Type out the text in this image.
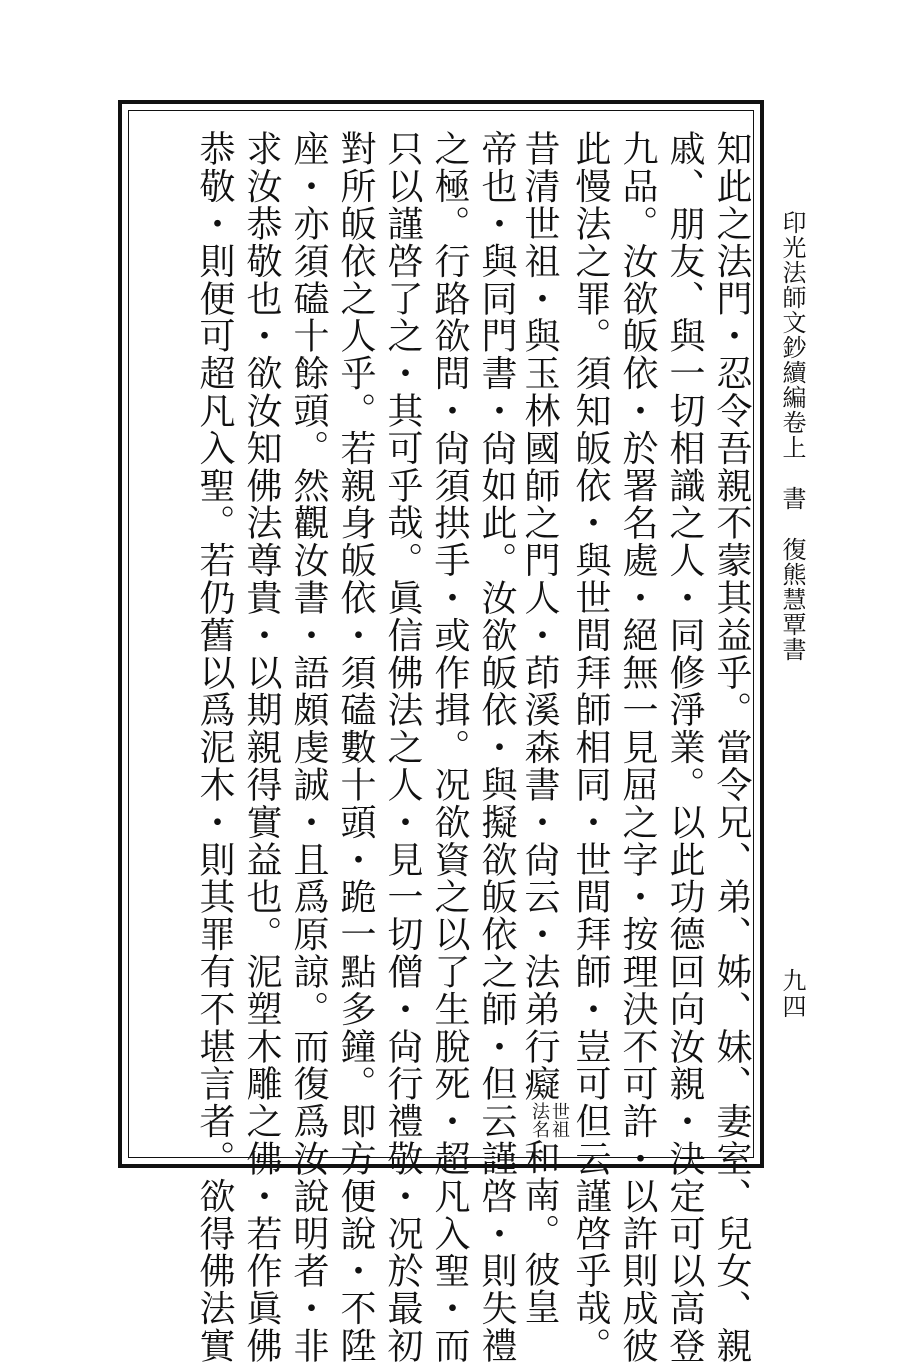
印光法師文鈔續編卷上書復熊慧覃書
九四
知此之法門・忍令吾親不蒙其益乎。當令兄、弟、姊、妹、妻室、兒女、親
戚、朋友、與一切相識之人・同修淨業。以此功德回向汝親・決定可以高登
九品。汝欲皈依・於署名處・絕無一見屈之字・按理決不可許・以許則成彼
此慢法之罪。須知皈依・與世間拜師相同・世間拜師・豈可但云謹啓乎哉。
昔清世祖・與玉林國師之門人・茚溪森書・尙云・法弟行癡
世祖
法名
和南。彼皇
帝也・與同門書・尙如此。汝欲皈依・與擬欲皈依之師・但云謹啓・則失禮
之極。行路欲問・尙須拱手・或作揖。况欲資之以了生脫死・超凡入聖・而
只以謹啓了之・其可乎哉。眞信佛法之人・見一切僧・尙行禮敬・况於最初
對所皈依之人乎。若親身皈依・須磕數十頭・跪一點多鐘。即方便說・不陞
座・亦須磕十餘頭。然觀汝書・語頗虔誠・且爲原諒。而復爲汝說明者・非
求汝恭敬也・欲汝知佛法尊貴・以期親得實益也。泥塑木雕之佛・若作眞佛
恭敬・則便可超凡入聖。若仍舊以爲泥木・則其罪有不堪言者。欲得佛法實
